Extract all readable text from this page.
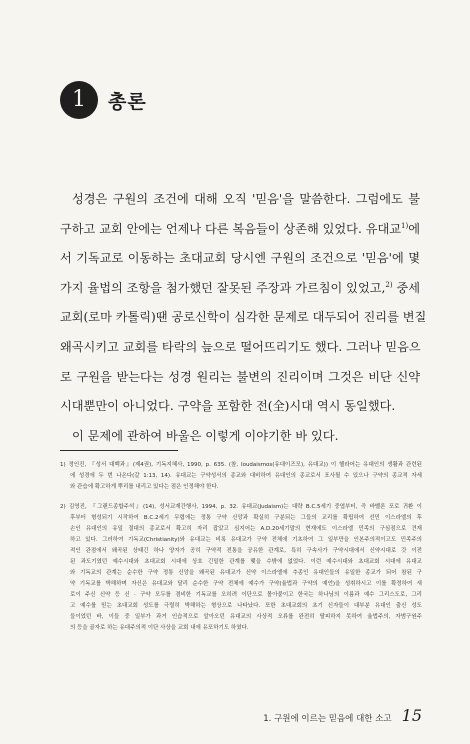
1	총론
성경은 구원의 조건에 대해 오직 '믿음'을 말씀한다. 그럼에도 불
구하고 교회 안에는 언제나 다른 복음들이 상존해 있었다. 유대교$^{1)}$에
서 기독교로 이동하는 초대교회 당시엔 구원의 조건으로 '믿음'에 몇
가지 율법의 조항을 첨가했던 잘못된 주장과 가르침이 있었고,$^{2)}$ 중세
교회(로마 카톨릭)땐 공로신학이 심각한 문제로 대두되어 진리를 변질
왜곡시키고 교회를 타락의 늪으로 떨어뜨리기도 했다. 그러나 믿음으
로 구원을 받는다는 성경 원리는 불변의 진리이며 그것은 비단 신약
시대뿐만이 아니었다. 구약을 포함한 전(全)시대 역시 동일했다.
이 문제에 관하여 바울은 이렇게 이야기한 바 있다.
1) 정인진, 『성서 대백과』(제4권), 기독지혜사, 1990, p. 635. (참, Ioudaismos(유대이즈모), 유대교)) 이 헬라어는 유대인의 생활과 관련된
에 성경에 두 번 나온다(갈 1:13, 14). 유대교는 구약성서의 종교와 대비하여 유대인의 종교로서 포사될 수 있으나 구약의 종교적 자세
와 관습에 확고하게 뿌리를 내리고 있다는 점은 인정해야 한다.
2) 김영진, 『그랜드종합주석』(14), 성서교재간행사, 1994, p. 32. 유대교(Judaism)는 대략 B.C.5세기 중엽부터, 즉 바벨론 포로 귀환 이
후부터 형성되기 시작하여 B.C.2세기 무렵에는 정통 구약 신앙과 확실히 구분되는 그들의 교리를 확립하여 선민 이스라엘의 후
손인 유대인의 유일 절대의 종교로서 확고히 자리 잡았고 심지어는 A.D.20세기말의 현재에도 이스라엘 민족의 구심점으로 견재
하고 있다. 그러하여 기독교(Christianity)와 유대교는 비록 유대교가 구약 전체에 기초하여 그 일부만을 인본주의적이고도 민족주의
적인 관점에서 왜곡된 상태긴 하나 양자가 공히 구약적 전통을 공유한 관계로, 특히 구속사가 구약시대에서 신약시대로 갓 이전
된 과도기였던 예수시대와 초대교회 시대에 상호 긴밀한 관계를 맺을 수밖에 없었다. 이런 예수시대와 초대교회 시대에 유대교
와 기독교의 관계는 순수한 구약 정통 신앙을 왜곡된 유대교가 신약 이스라엘에 추종인 유대인들의 유일한 종교가 되어 참된 구
약 기독교를 박해하며 자신은 유대교와 달리 순수한 구약 전체에 예수가 구약(율법과 구약의 예언)을 성취하시고 이를 확정하여 새
로이 주신 신약 등 신 · 구약 모두를 겸비한 기독교를 오히려 이단으로 몰아붙이고 한국는 하나님의 이름과 예수 그리스도로, 그리
고 예수를 믿는 초대교회 성도를 극렬히 박해하는 형상으로 나타났다. 또한 초대교회의 초기 신자들이 대부분 유대인 출신 성도
들이었던 바, 이들 중 일부가 과거 인습적으로 알아오던 유대교의 사상적 오류를 완전히 탈피하지 못하여 율법주의, 자범구원주
의 등을 골자로 하는 유대주의적 이단 사상을 교회 내에 유포하기도 하였다.
1. 구원에 이르는 믿음에 대한 소고 15
